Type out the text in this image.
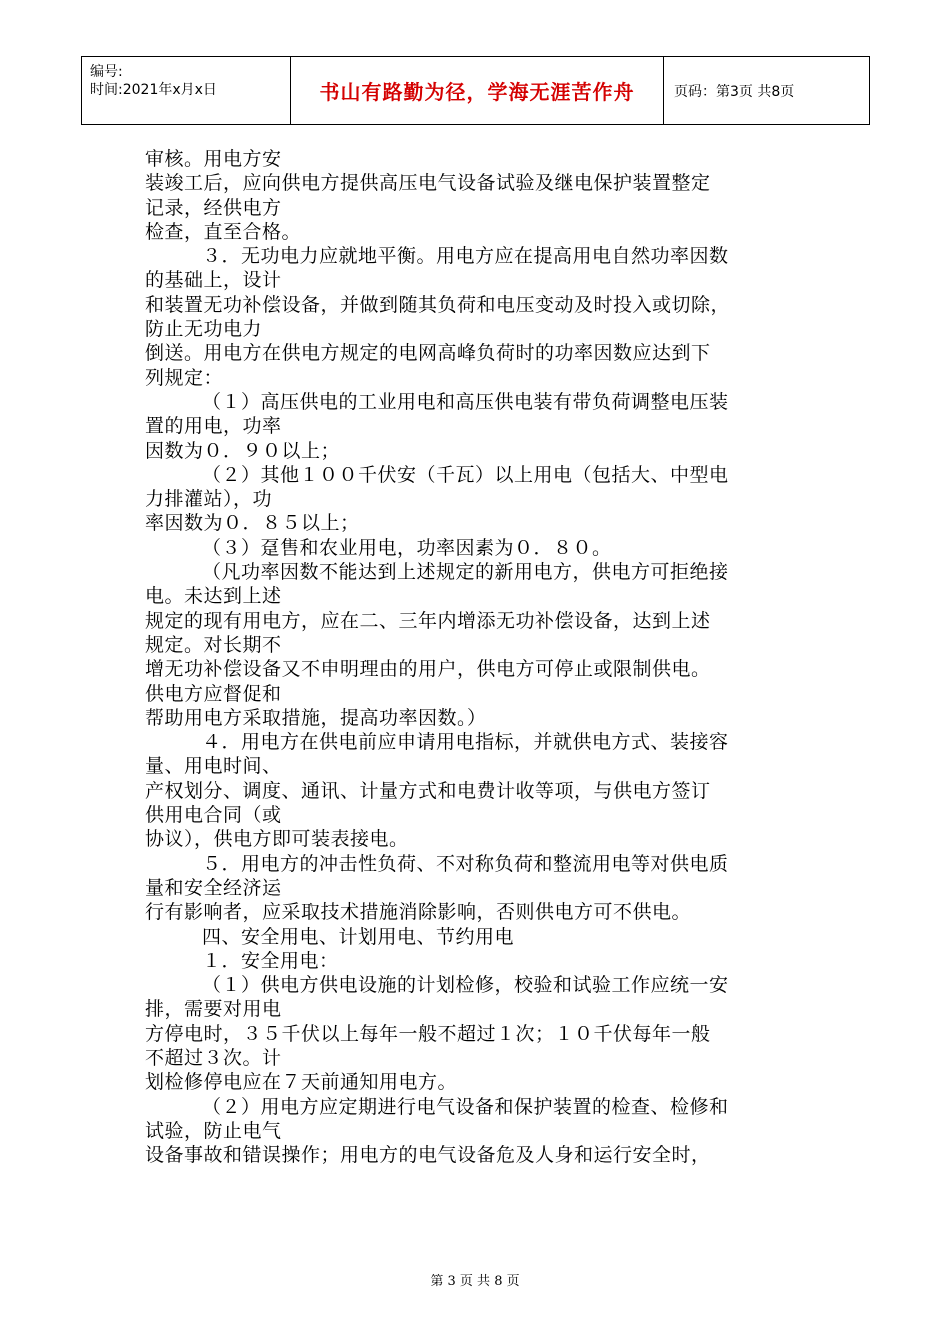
编号:
时间:2021年x月x日	书山有路勤为径，学海无涯苦作舟	页码：第3页 共8页

审核。用电方安

装竣工后，应向供电方提供高压电气设备试验及继电保护装置整定

记录，经供电方

检查，直至合格。

３．无功电力应就地平衡。用电方应在提高用电自然功率因数

的基础上，设计

和装置无功补偿设备，并做到随其负荷和电压变动及时投入或切除，

防止无功电力

倒送。用电方在供电方规定的电网高峰负荷时的功率因数应达到下

列规定：

（１）高压供电的工业用电和高压供电装有带负荷调整电压装

置的用电，功率

因数为０．９０以上；

（２）其他１００千伏安（千瓦）以上用电（包括大、中型电

力排灌站），功

率因数为０．８５以上；

（３）趸售和农业用电，功率因素为０．８０。

（凡功率因数不能达到上述规定的新用电方，供电方可拒绝接

电。未达到上述

规定的现有用电方，应在二、三年内增添无功补偿设备，达到上述

规定。对长期不

增无功补偿设备又不申明理由的用户，供电方可停止或限制供电。

供电方应督促和

帮助用电方采取措施，提高功率因数。）

４．用电方在供电前应申请用电指标，并就供电方式、装接容

量、用电时间、

产权划分、调度、通讯、计量方式和电费计收等项，与供电方签订

供用电合同（或

协议），供电方即可装表接电。

５．用电方的冲击性负荷、不对称负荷和整流用电等对供电质

量和安全经济运

行有影响者，应采取技术措施消除影响，否则供电方可不供电。

四、安全用电、计划用电、节约用电

１．安全用电：

（１）供电方供电设施的计划检修，校验和试验工作应统一安

排，需要对用电

方停电时，３５千伏以上每年一般不超过１次；１０千伏每年一般

不超过３次。计

划检修停电应在７天前通知用电方。

（２）用电方应定期进行电气设备和保护装置的检查、检修和

试验，防止电气

设备事故和错误操作；用电方的电气设备危及人身和运行安全时，

第 3 页 共 8 页
